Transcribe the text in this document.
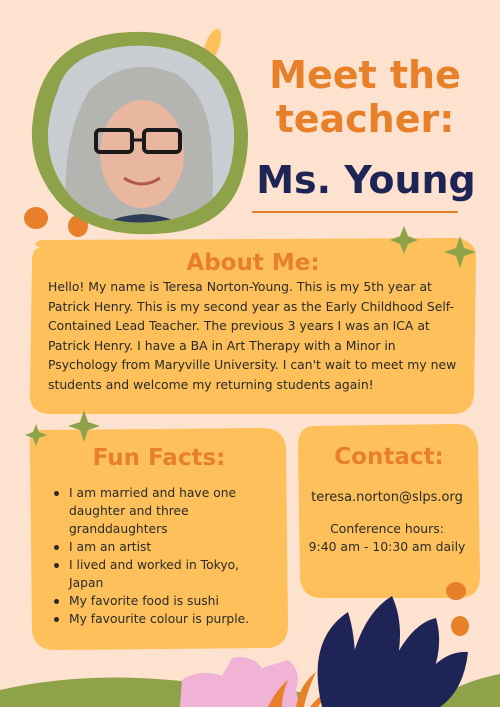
Meet the
teacher:
Ms. Young
About Me:
Hello! My name is Teresa Norton-Young. This is my 5th year at Patrick Henry. This is my second year as the Early Childhood Self-Contained Lead Teacher. The previous 3 years I was an ICA at Patrick Henry. I have a BA in Art Therapy with a Minor in Psychology from Maryville University. I can't wait to meet my new students and welcome my returning students again!
Fun Facts:
I am married and have one daughter and three granddaughters
I am an artist
I lived and worked in Tokyo, Japan
My favorite food is sushi
My favourite colour is purple.
Contact:
teresa.norton@slps.org
Conference hours:
9:40 am - 10:30 am daily
